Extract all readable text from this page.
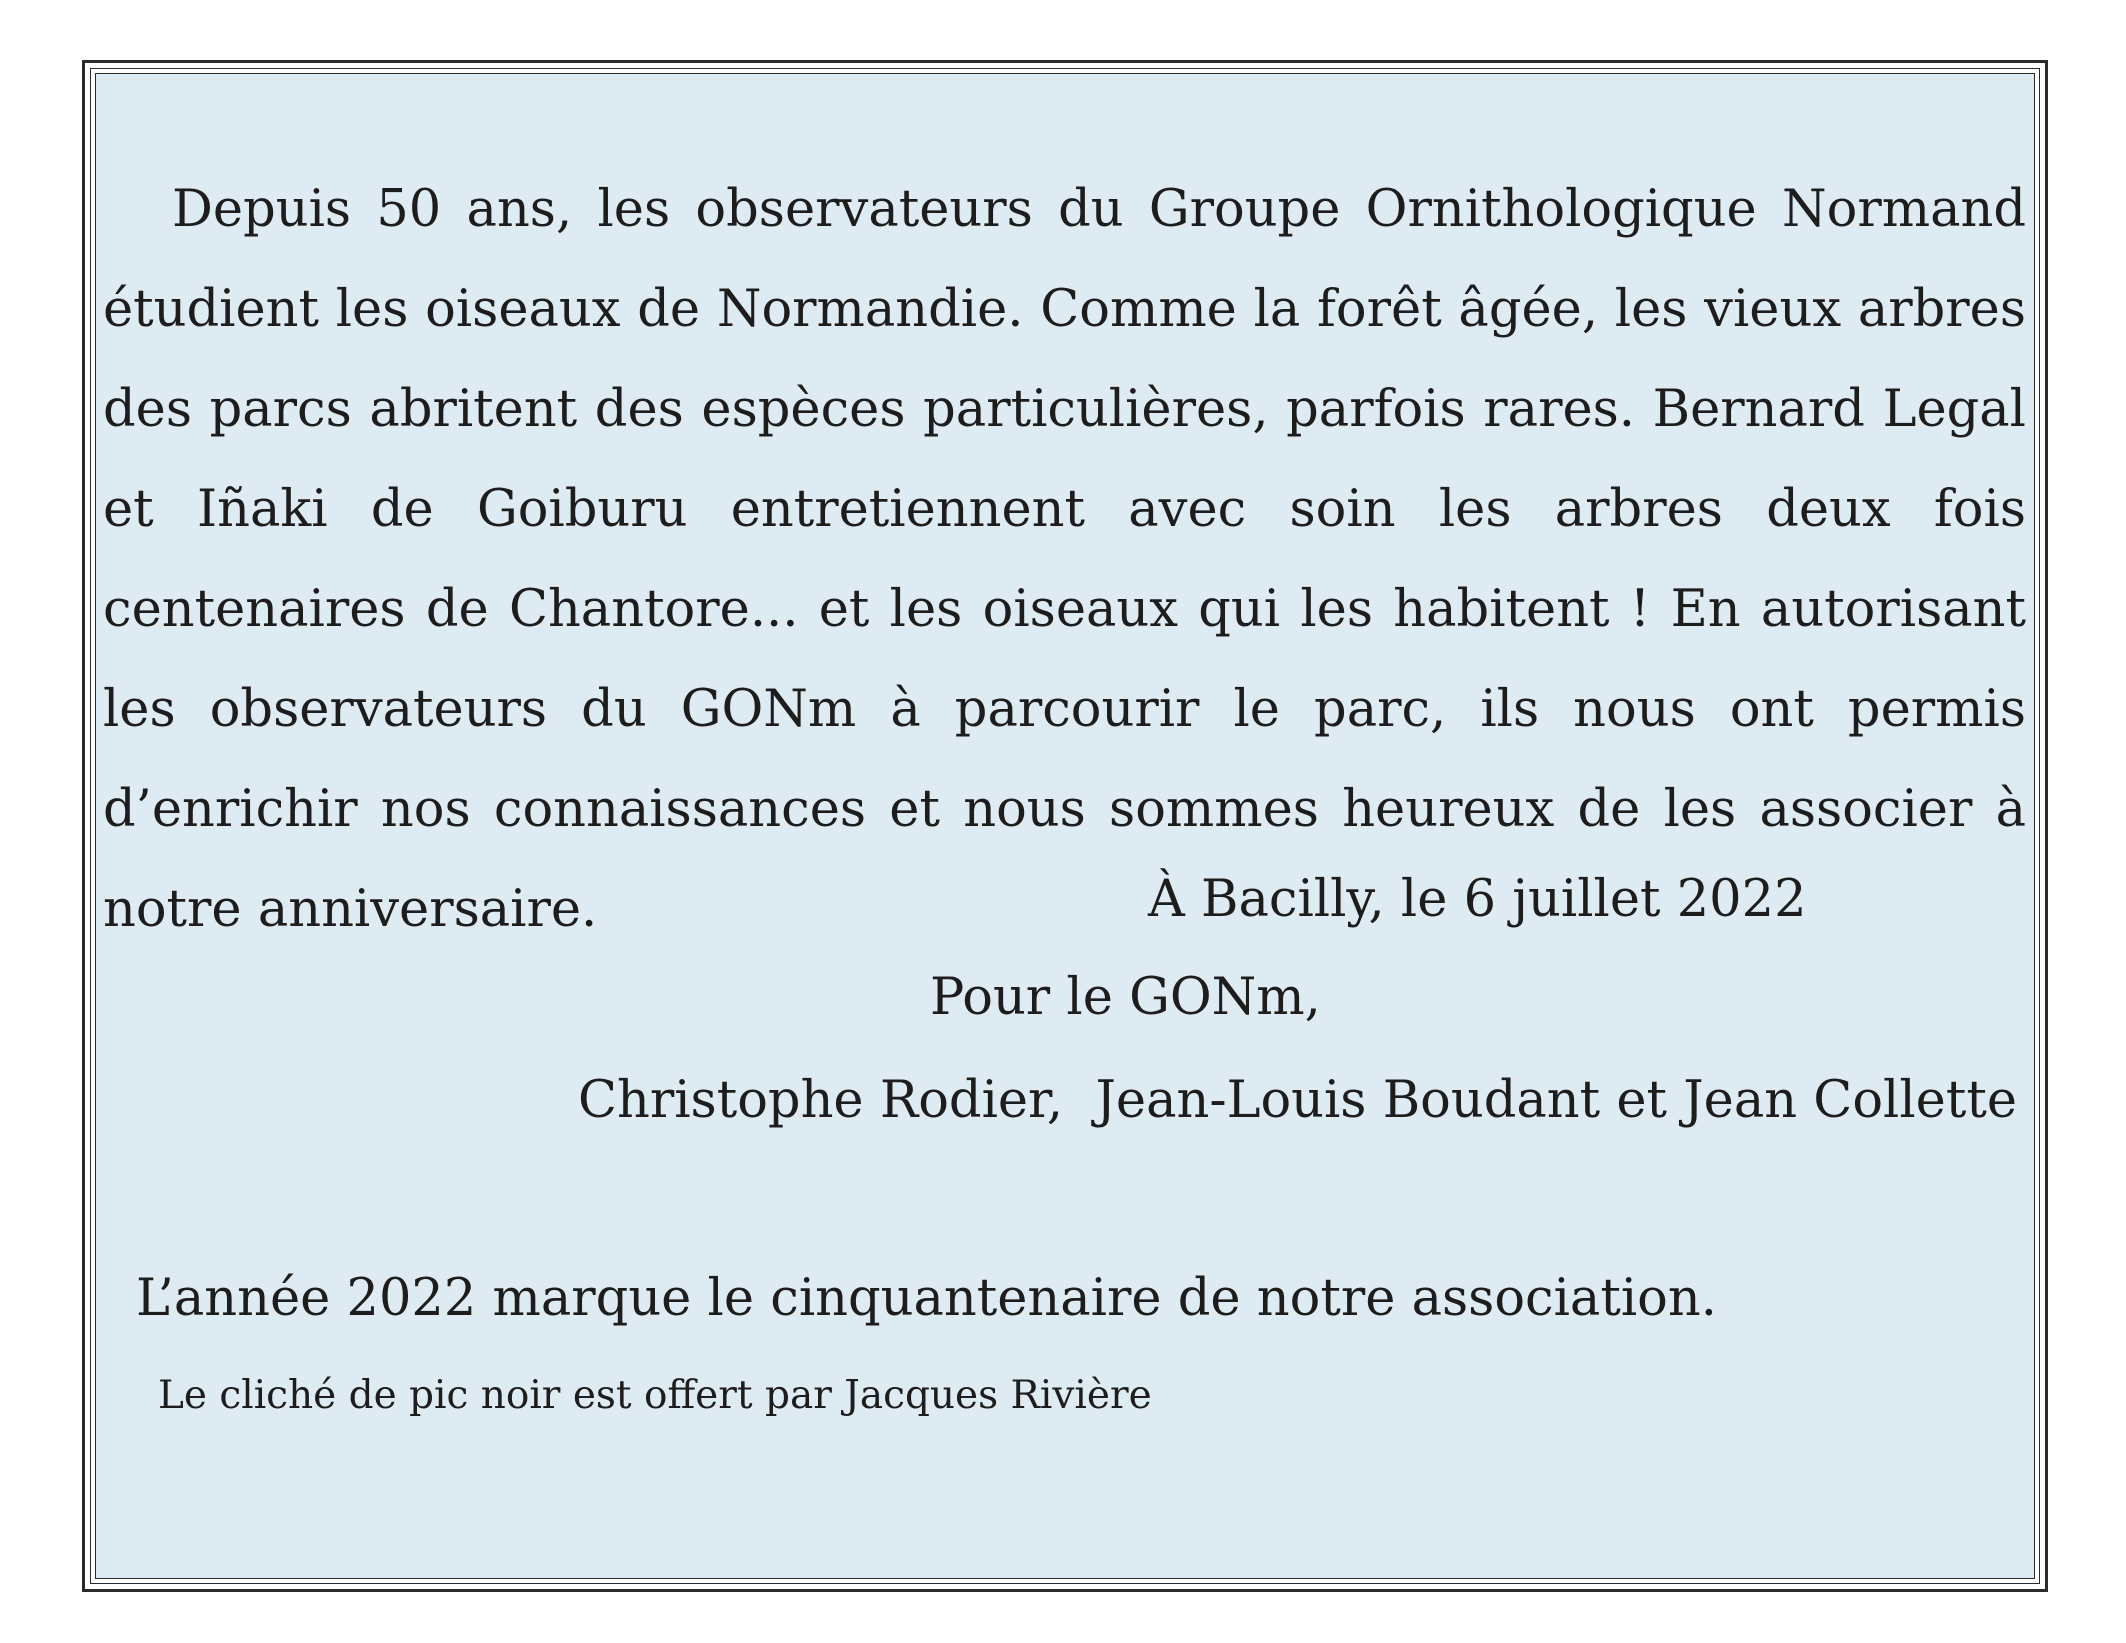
Depuis 50 ans, les observateurs du Groupe Ornithologique Normand étudient les oiseaux de Normandie. Comme la forêt âgée, les vieux arbres des parcs abritent des espèces particulières, parfois rares. Bernard Legal et Iñaki de Goiburu entretiennent avec soin les arbres deux fois centenaires de Chantore... et les oiseaux qui les habitent ! En autorisant les observateurs du GONm à parcourir le parc, ils nous ont permis d’enrichir nos connaissances et nous sommes heureux de les associer à notre anniversaire.	À Bacilly, le 6 juillet 2022
Pour le GONm,
Christophe Rodier,  Jean-Louis Boudant et Jean Collette
L’année 2022 marque le cinquantenaire de notre association.
Le cliché de pic noir est offert par Jacques Rivière
